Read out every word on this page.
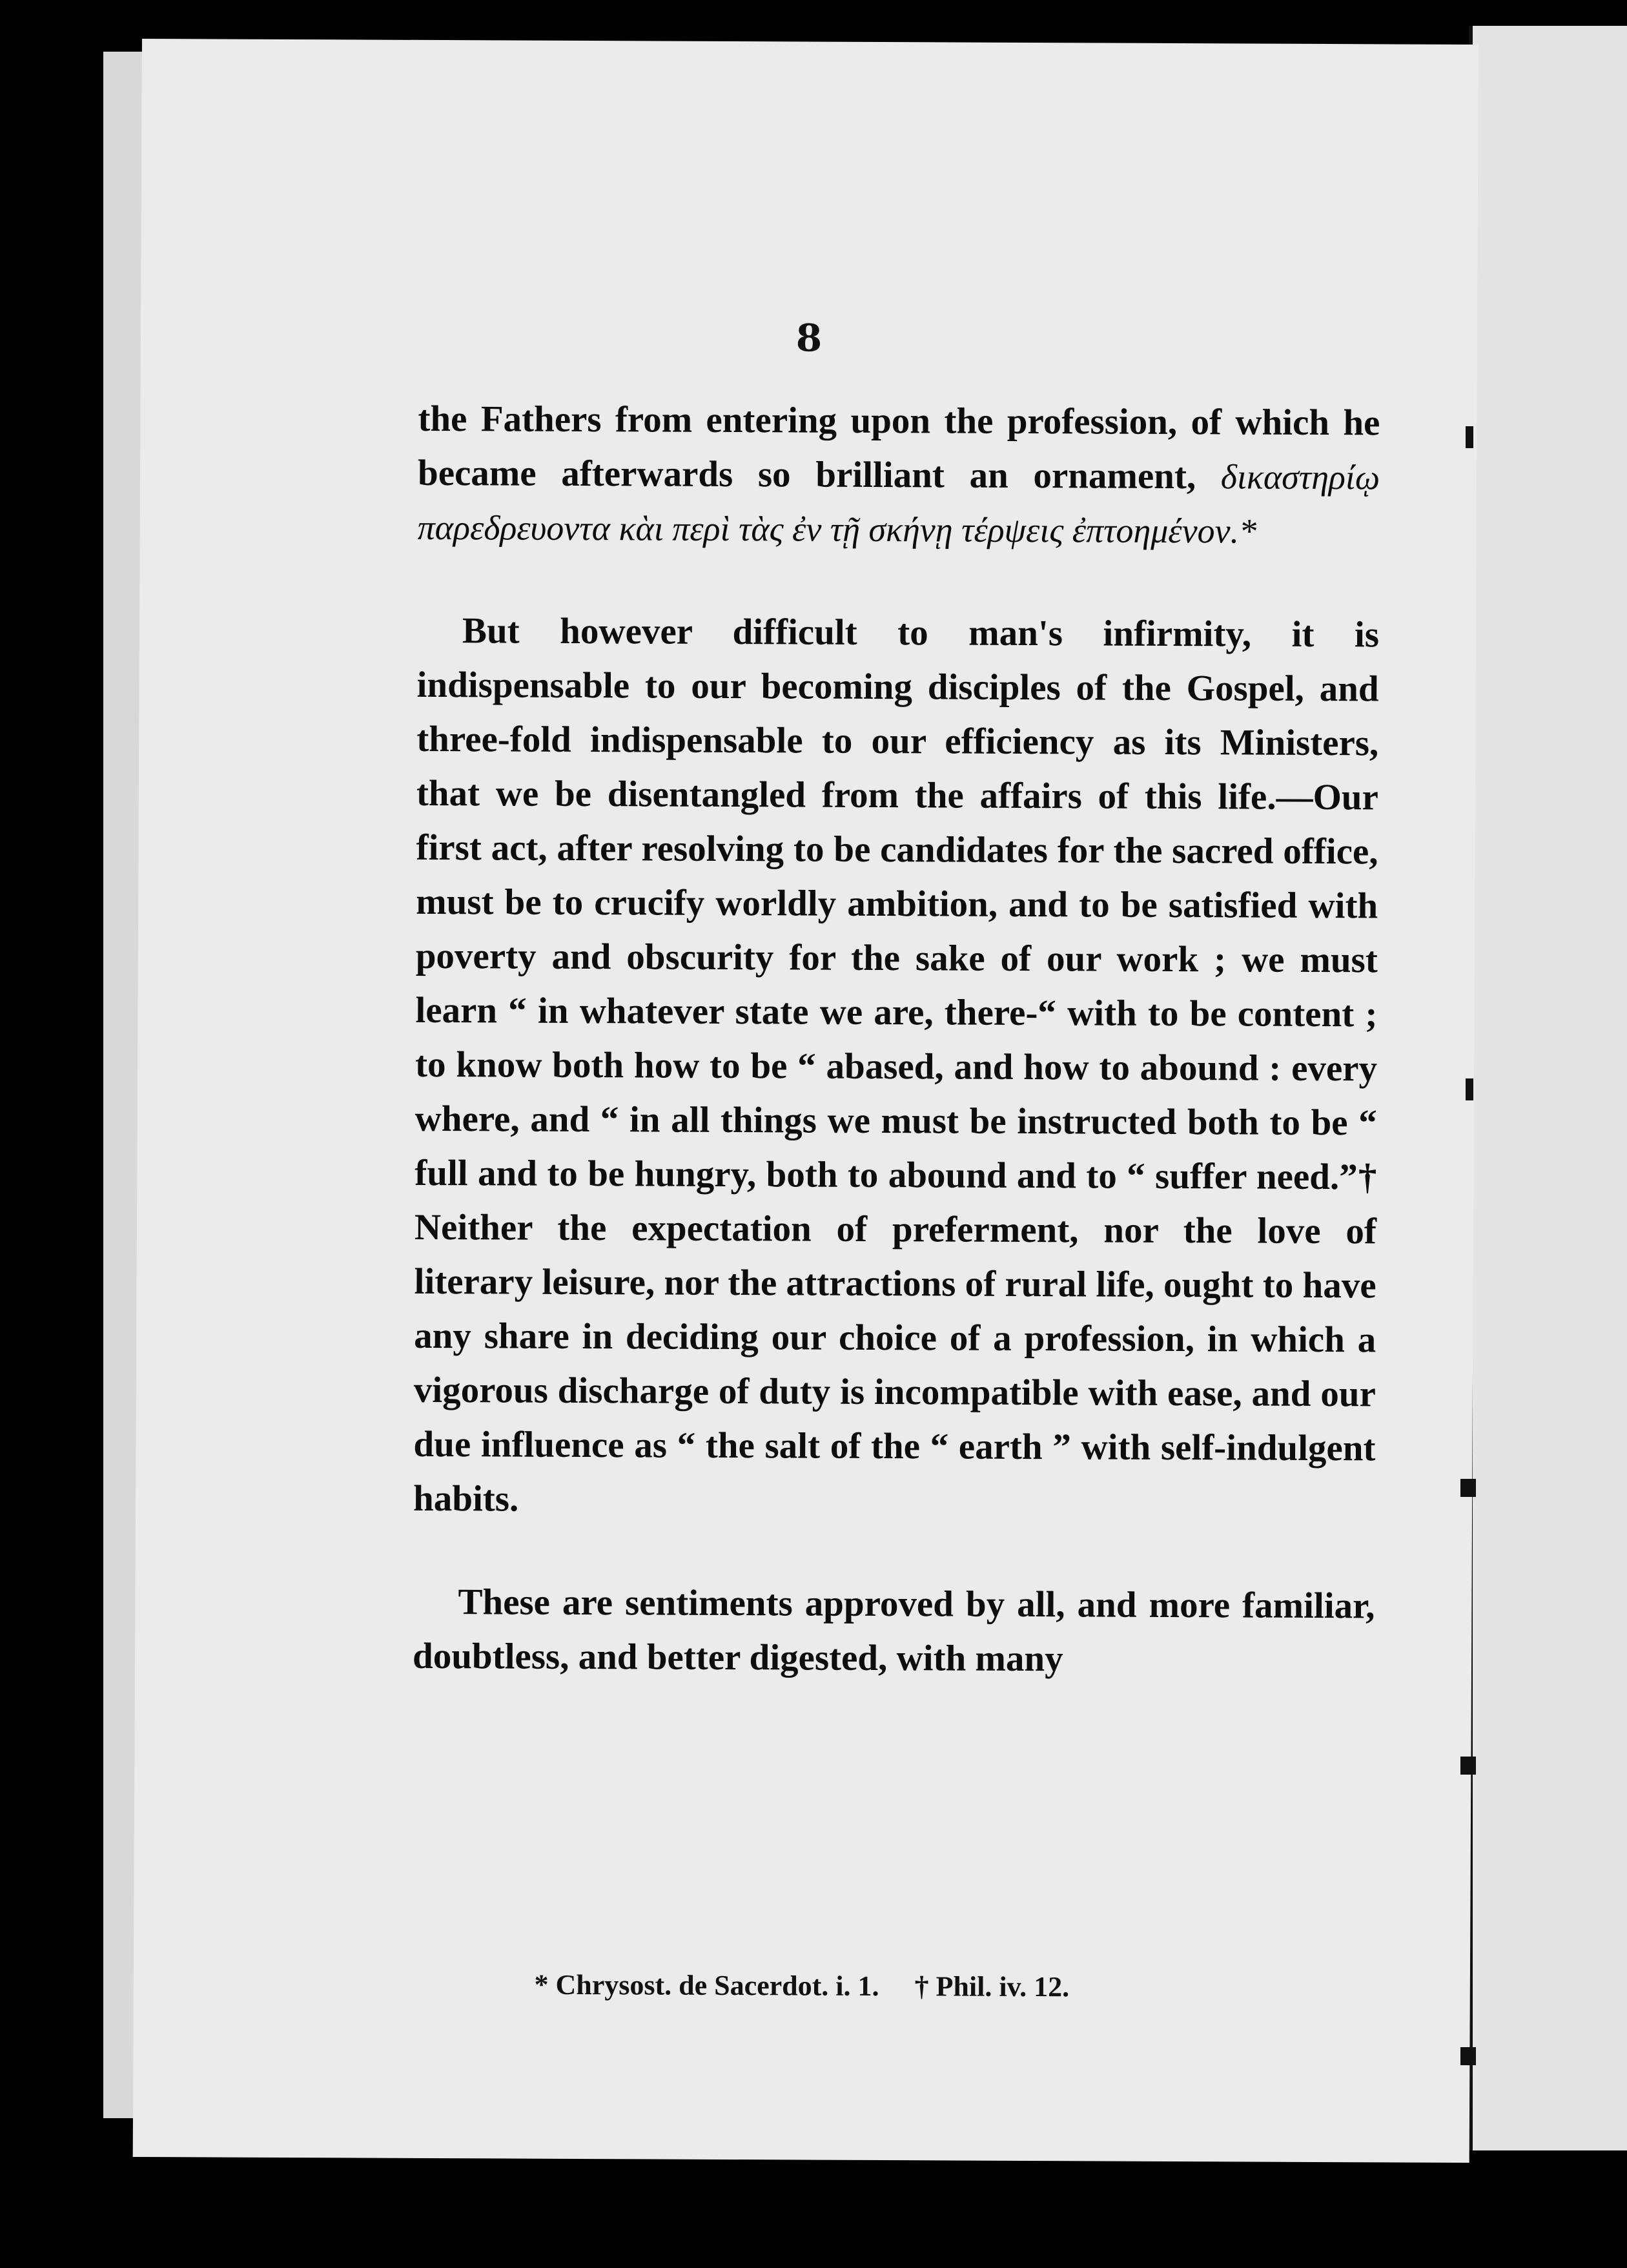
8

the Fathers from entering upon the profession, of which he became afterwards so brilliant an ornament, δικαστηρίῳ παρεδρευοντα κὰι περὶ τὰς ἐν τῇ σκήνῃ τέρψεις ἐπτοημένον.*

But however difficult to man's infirmity, it is indispensable to our becoming disciples of the Gospel, and three-fold indispensable to our efficiency as its Ministers, that we be disentangled from the affairs of this life.—Our first act, after resolving to be candidates for the sacred office, must be to crucify worldly ambition, and to be satisfied with poverty and obscurity for the sake of our work ; we must learn “ in whatever state we are, there-“ with to be content ; to know both how to be “ abased, and how to abound : every where, and “ in all things we must be instructed both to be “ full and to be hungry, both to abound and to “ suffer need.”† Neither the expectation of preferment, nor the love of literary leisure, nor the attractions of rural life, ought to have any share in deciding our choice of a profession, in which a vigorous discharge of duty is incompatible with ease, and our due influence as “ the salt of the “ earth ” with self-indulgent habits.

These are sentiments approved by all, and more familiar, doubtless, and better digested, with many

* Chrysost. de Sacerdot. i. 1. † Phil. iv. 12.
